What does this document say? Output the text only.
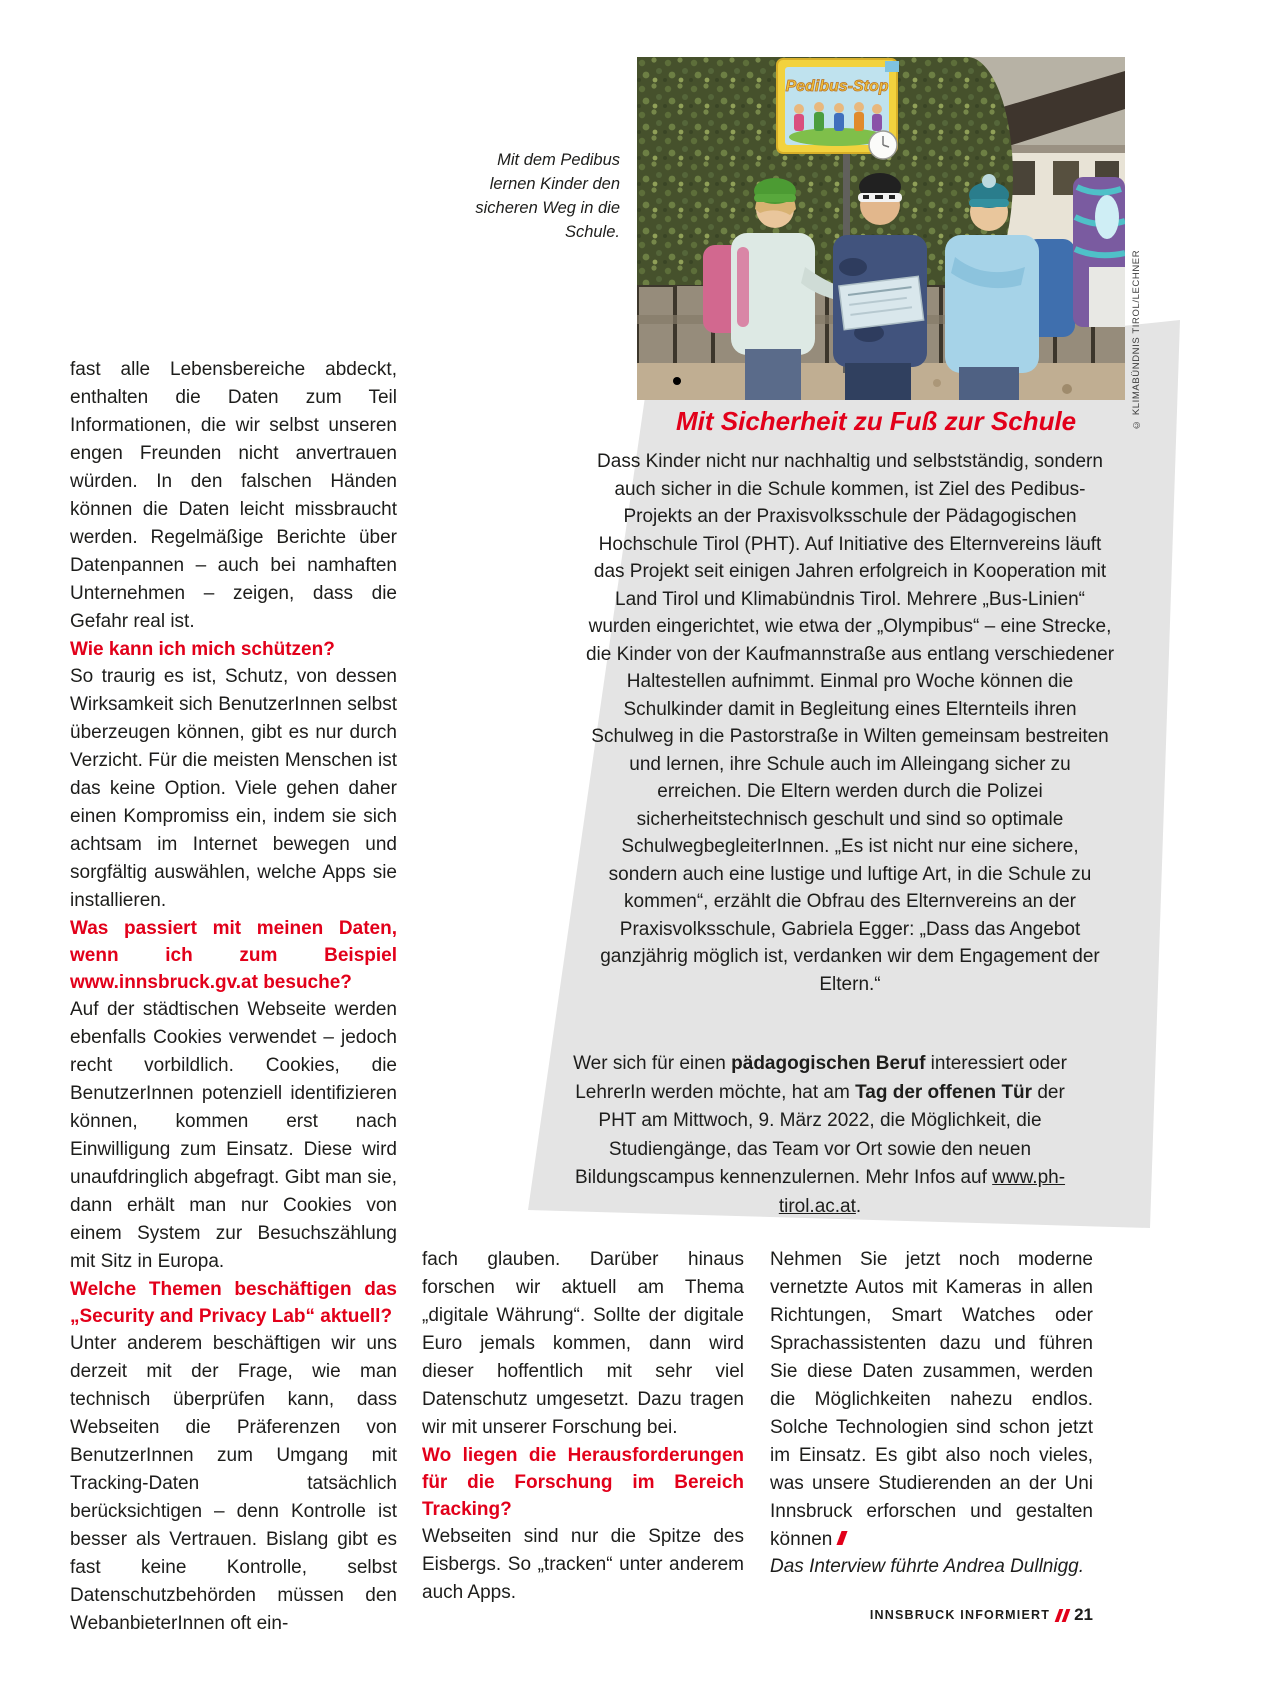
Pedibus-Stop
Mit dem Pedibus lernen Kinder den sicheren Weg in die Schule.
© KLIMABÜNDNIS TIROL/LECHNER

fast alle Lebensbereiche abdeckt, enthalten die Daten zum Teil Informationen, die wir selbst unseren engen Freunden nicht anvertrauen würden. In den falschen Händen können die Daten leicht missbraucht werden. Regelmäßige Berichte über Datenpannen – auch bei namhaften Unternehmen – zeigen, dass die Gefahr real ist.

Wie kann ich mich schützen?

So traurig es ist, Schutz, von dessen Wirksamkeit sich BenutzerInnen selbst überzeugen können, gibt es nur durch Verzicht. Für die meisten Menschen ist das keine Option. Viele gehen daher einen Kompromiss ein, indem sie sich achtsam im Internet bewegen und sorgfältig auswählen, welche Apps sie installieren.

Was passiert mit meinen Daten, wenn ich zum Beispiel www.innsbruck.gv.at besuche?

Auf der städtischen Webseite werden ebenfalls Cookies verwendet – jedoch recht vorbildlich. Cookies, die BenutzerInnen potenziell identifizieren können, kommen erst nach Einwilligung zum Einsatz. Diese wird unaufdringlich abgefragt. Gibt man sie, dann erhält man nur Cookies von einem System zur Besuchszählung mit Sitz in Europa.

Welche Themen beschäftigen das „Security and Privacy Lab“ aktuell?

Unter anderem beschäftigen wir uns derzeit mit der Frage, wie man technisch überprüfen kann, dass Webseiten die Präferenzen von BenutzerInnen zum Umgang mit Tracking-Daten tatsächlich berücksichtigen – denn Kontrolle ist besser als Vertrauen. Bislang gibt es fast keine Kontrolle, selbst Datenschutzbehörden müssen den WebanbieterInnen oft ein-

Mit Sicherheit zu Fuß zur Schule
Dass Kinder nicht nur nachhaltig und selbstständig, sondern auch sicher in die Schule kommen, ist Ziel des Pedibus-Projekts an der Praxisvolksschule der Pädagogischen Hochschule Tirol (PHT). Auf Initiative des Elternvereins läuft das Projekt seit einigen Jahren erfolgreich in Kooperation mit Land Tirol und Klimabündnis Tirol. Mehrere „Bus-Linien“ wurden eingerichtet, wie etwa der „Olympibus“ – eine Strecke, die Kinder von der Kaufmannstraße aus entlang verschiedener Haltestellen aufnimmt. Einmal pro Woche können die Schulkinder damit in Begleitung eines Elternteils ihren Schulweg in die Pastorstraße in Wilten gemeinsam bestreiten und lernen, ihre Schule auch im Alleingang sicher zu erreichen. Die Eltern werden durch die Polizei sicherheitstechnisch geschult und sind so optimale SchulwegbegleiterInnen. „Es ist nicht nur eine sichere, sondern auch eine lustige und luftige Art, in die Schule zu kommen“, erzählt die Obfrau des Elternvereins an der Praxisvolksschule, Gabriela Egger: „Dass das Angebot ganzjährig möglich ist, verdanken wir dem Engagement der Eltern.“
Wer sich für einen pädagogischen Beruf interessiert oder LehrerIn werden möchte, hat am Tag der offenen Tür der PHT am Mittwoch, 9. März 2022, die Möglichkeit, die Studiengänge, das Team vor Ort sowie den neuen Bildungscampus kennenzulernen. Mehr Infos auf www.ph-tirol.ac.at.

fach glauben. Darüber hinaus forschen wir aktuell am Thema „digitale Währung“. Sollte der digitale Euro jemals kommen, dann wird dieser hoffentlich mit sehr viel Datenschutz umgesetzt. Dazu tragen wir mit unserer Forschung bei.

Wo liegen die Herausforderungen für die Forschung im Bereich Tracking?

Webseiten sind nur die Spitze des Eisbergs. So „tracken“ unter anderem auch Apps.

Nehmen Sie jetzt noch moderne vernetzte Autos mit Kameras in allen Richtungen, Smart Watches oder Sprachassistenten dazu und führen Sie diese Daten zusammen, werden die Möglichkeiten nahezu endlos. Solche Technologien sind schon jetzt im Einsatz. Es gibt also noch vieles, was unsere Studierenden an der Uni Innsbruck erforschen und gestalten können

Das Interview führte Andrea Dullnigg.

INNSBRUCK INFORMIERT 21
